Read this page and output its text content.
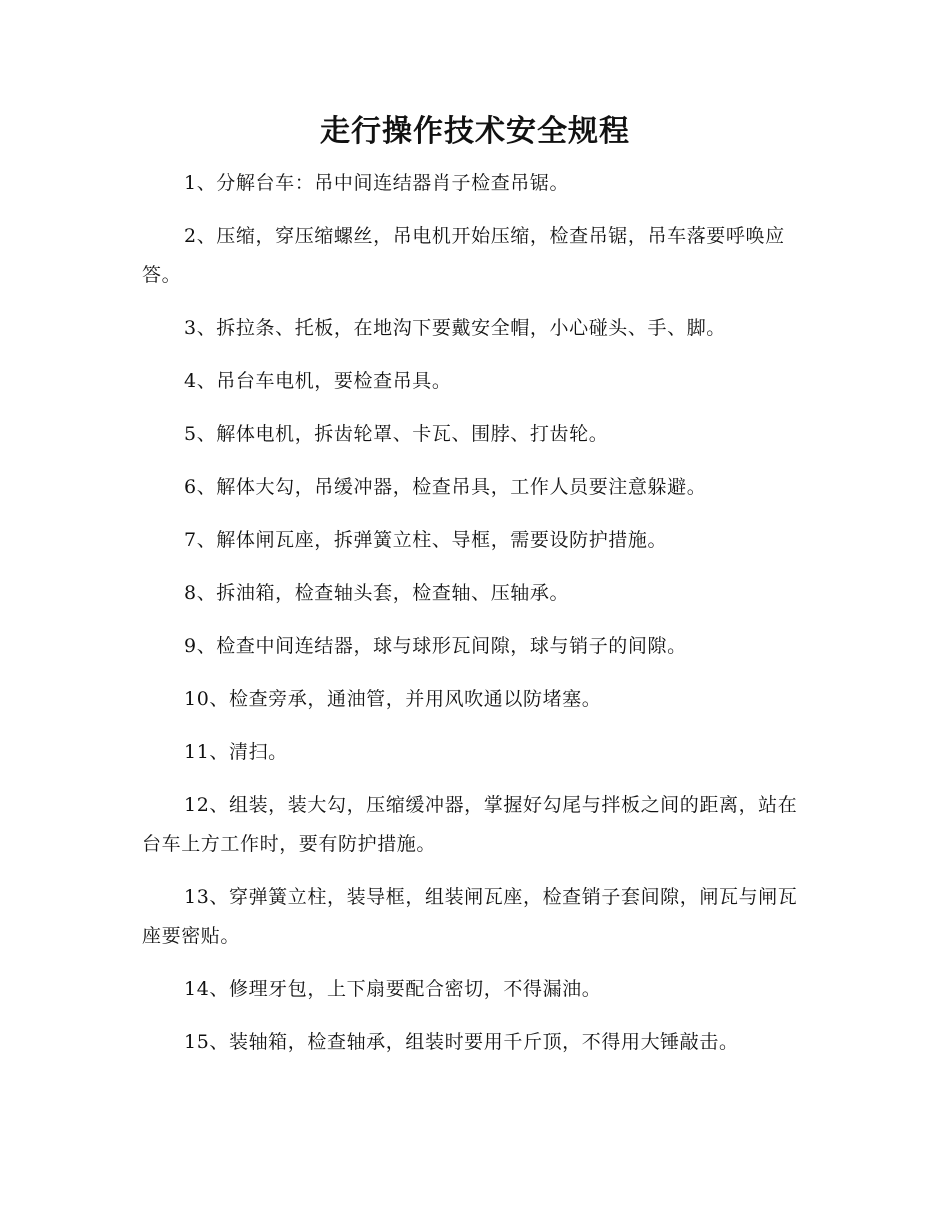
走行操作技术安全规程

1、分解台车：吊中间连结器肖子检查吊锯。

2、压缩，穿压缩螺丝，吊电机开始压缩，检查吊锯，吊车落要呼唤应答。

3、拆拉条、托板，在地沟下要戴安全帽，小心碰头、手、脚。

4、吊台车电机，要检查吊具。

5、解体电机，拆齿轮罩、卡瓦、围脖、打齿轮。

6、解体大勾，吊缓冲器，检查吊具，工作人员要注意躲避。

7、解体闸瓦座，拆弹簧立柱、导框，需要设防护措施。

8、拆油箱，检查轴头套，检查轴、压轴承。

9、检查中间连结器，球与球形瓦间隙，球与销子的间隙。

10、检查旁承，通油管，并用风吹通以防堵塞。

11、清扫。

12、组装，装大勾，压缩缓冲器，掌握好勾尾与拌板之间的距离，站在台车上方工作时，要有防护措施。

13、穿弹簧立柱，装导框，组装闸瓦座，检查销子套间隙，闸瓦与闸瓦座要密贴。

14、修理牙包，上下扇要配合密切，不得漏油。

15、装轴箱，检查轴承，组装时要用千斤顶，不得用大锤敲击。
